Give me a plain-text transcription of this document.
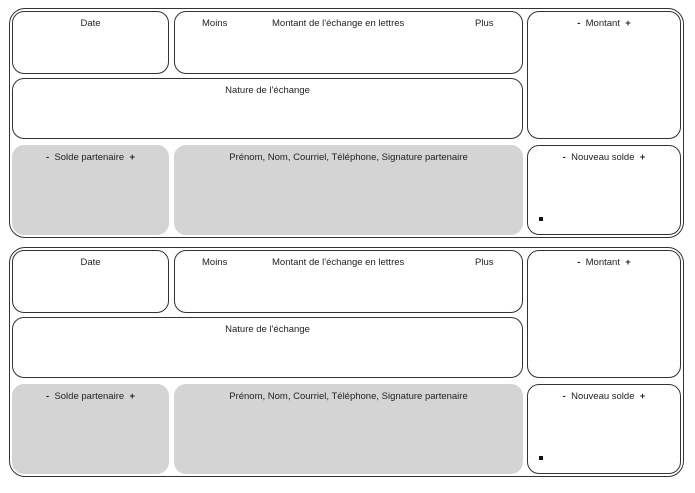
Date	Moins	Montant de l'échange en lettres	Plus	- Montant +
Nature de l'échange
- Solde partenaire +	Prénom, Nom, Courriel, Téléphone, Signature partenaire	- Nouveau solde +
Date	Moins	Montant de l'échange en lettres	Plus	- Montant +
Nature de l'échange
- Solde partenaire +	Prénom, Nom, Courriel, Téléphone, Signature partenaire	- Nouveau solde +
